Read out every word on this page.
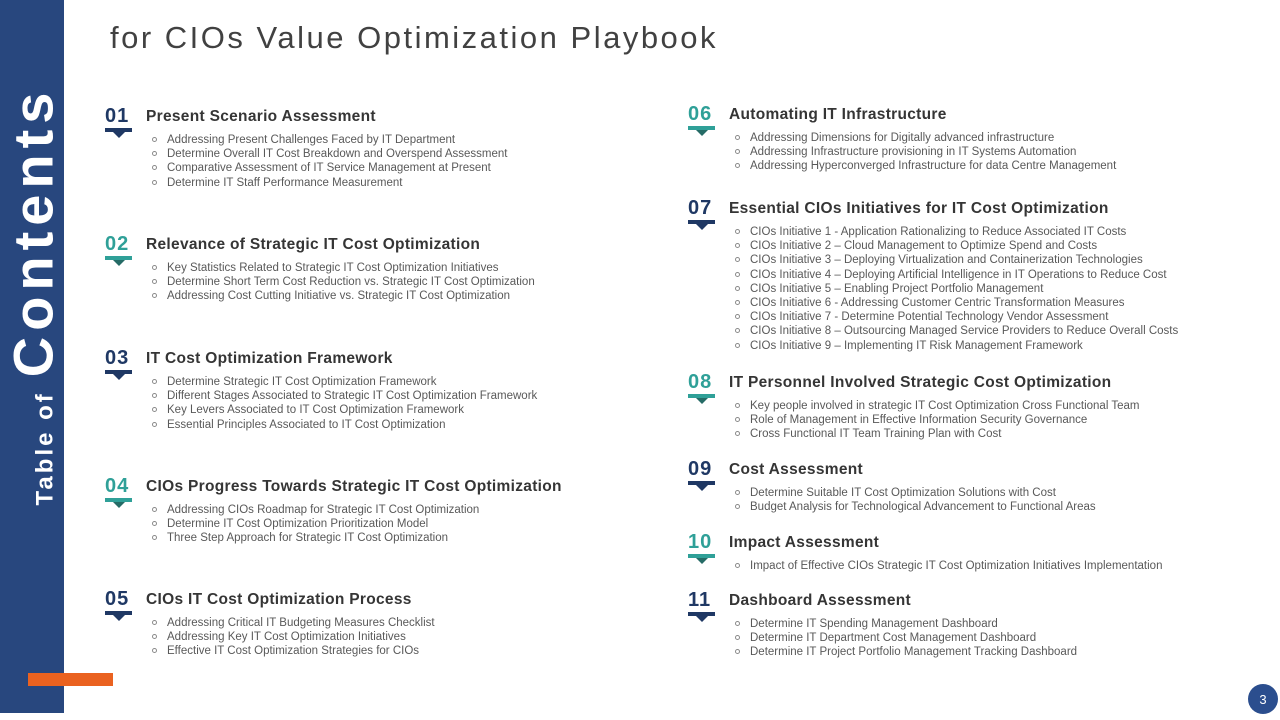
Table ofContents
for CIOs Value Optimization Playbook
01	Present Scenario Assessment
Addressing Present Challenges Faced by IT Department
Determine Overall IT Cost Breakdown and Overspend Assessment
Comparative Assessment of IT Service Management at Present
Determine IT Staff Performance Measurement
02	Relevance of Strategic IT Cost Optimization
Key Statistics Related to Strategic IT Cost Optimization Initiatives
Determine Short Term Cost Reduction vs. Strategic IT Cost Optimization
Addressing Cost Cutting Initiative vs. Strategic IT Cost Optimization
03	IT Cost Optimization Framework
Determine Strategic IT Cost Optimization Framework
Different Stages Associated to Strategic IT Cost Optimization Framework
Key Levers Associated to IT Cost Optimization Framework
Essential Principles Associated to IT Cost Optimization
04	CIOs Progress Towards Strategic IT Cost Optimization
Addressing CIOs Roadmap for Strategic IT Cost Optimization
Determine IT Cost Optimization Prioritization Model
Three Step Approach for Strategic IT Cost Optimization
05	CIOs IT Cost Optimization Process
Addressing Critical IT Budgeting Measures Checklist
Addressing Key IT Cost Optimization Initiatives
Effective IT Cost Optimization Strategies for CIOs
06	Automating IT Infrastructure
Addressing Dimensions for Digitally advanced infrastructure
Addressing Infrastructure provisioning in IT Systems Automation
Addressing Hyperconverged Infrastructure for data Centre Management
07	Essential CIOs Initiatives for IT Cost Optimization
CIOs Initiative 1 - Application Rationalizing to Reduce Associated IT Costs
CIOs Initiative 2 – Cloud Management to Optimize Spend and Costs
CIOs Initiative 3 – Deploying Virtualization and Containerization Technologies
CIOs Initiative 4 – Deploying Artificial Intelligence in IT Operations to Reduce Cost
CIOs Initiative 5 – Enabling Project Portfolio Management
CIOs Initiative 6 - Addressing Customer Centric Transformation Measures
CIOs Initiative 7 - Determine Potential Technology Vendor Assessment
CIOs Initiative 8 – Outsourcing Managed Service Providers to Reduce Overall Costs
CIOs Initiative 9 – Implementing IT Risk Management Framework
08	IT Personnel Involved Strategic Cost Optimization
Key people involved in strategic IT Cost Optimization Cross Functional Team
Role of Management in Effective Information Security Governance
Cross Functional IT Team Training Plan with Cost
09	Cost Assessment
Determine Suitable IT Cost Optimization Solutions with Cost
Budget Analysis for Technological Advancement to Functional Areas
10	Impact Assessment
Impact of Effective CIOs Strategic IT Cost Optimization Initiatives Implementation
11	Dashboard Assessment
Determine IT Spending Management Dashboard
Determine IT Department Cost Management Dashboard
Determine IT Project Portfolio Management Tracking Dashboard
3
